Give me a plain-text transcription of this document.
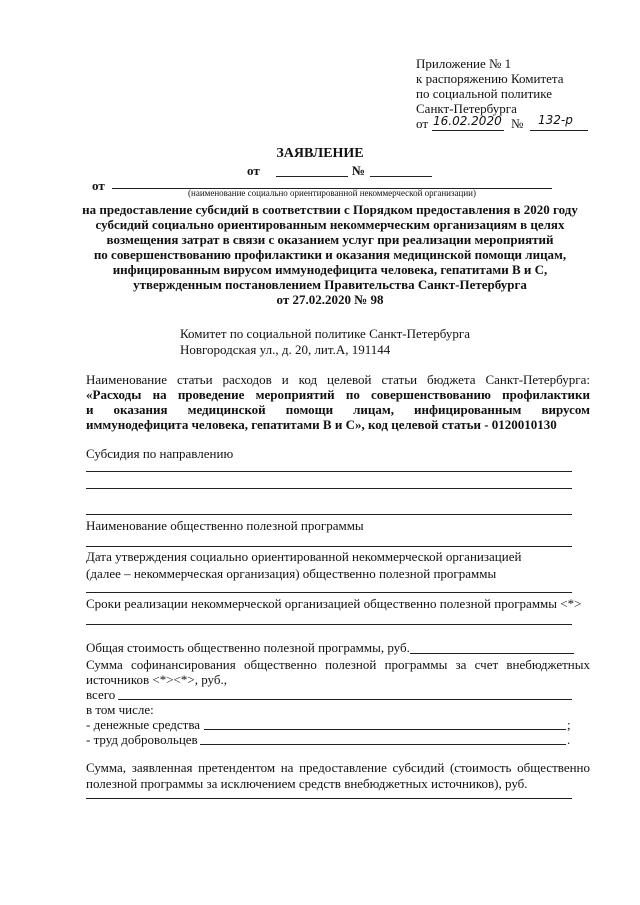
Приложение № 1
к распоряжению Комитета
по социальной политике
Санкт-Петербурга
от 16.02.2020 № 132-р
ЗАЯВЛЕНИЕ
от	№
от	(наименование социально ориентированной некоммерческой организации)
на предоставление субсидий в соответствии с Порядком предоставления в 2020 году
субсидий социально ориентированным некоммерческим организациям в целях
возмещения затрат в связи с оказанием услуг при реализации мероприятий
по совершенствованию профилактики и оказания медицинской помощи лицам,
инфицированным вирусом иммунодефицита человека, гепатитами В и С,
утвержденным постановлением Правительства Санкт-Петербурга
от 27.02.2020 № 98
Комитет по социальной политике Санкт-Петербурга
Новгородская ул., д. 20, лит.А, 191144
Наименование статьи расходов и код целевой статьи бюджета Санкт-Петербурга:
«Расходы на проведение мероприятий по совершенствованию профилактики
и оказания медицинской помощи лицам, инфицированным вирусом
иммунодефицита человека, гепатитами В и С», код целевой статьи - 0120010130
Субсидия по направлению
Наименование общественно полезной программы
Дата утверждения социально ориентированной некоммерческой организацией
(далее – некоммерческая организация) общественно полезной программы
Сроки реализации некоммерческой организацией общественно полезной программы <*>
Общая стоимость общественно полезной программы, руб.
Сумма софинансирования общественно полезной программы за счет внебюджетных
источников <*><*>, руб.,
всего
в том числе:
- денежные средства	;
- труд добровольцев	.
Сумма, заявленная претендентом на предоставление субсидий (стоимость общественно
полезной программы за исключением средств внебюджетных источников), руб.
